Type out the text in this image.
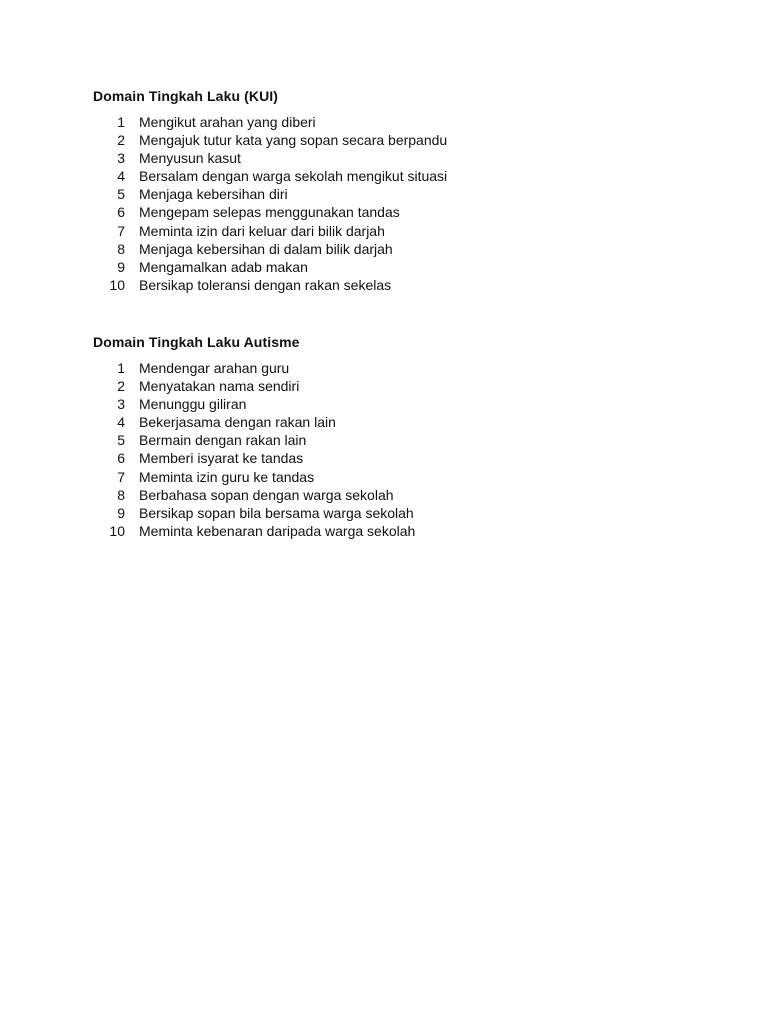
Domain Tingkah Laku (KUI)
1	Mengikut arahan yang diberi
2	Mengajuk tutur kata yang sopan secara berpandu
3	Menyusun kasut
4	Bersalam dengan warga sekolah mengikut situasi
5	Menjaga kebersihan diri
6	Mengepam selepas menggunakan tandas
7	Meminta izin dari keluar dari bilik darjah
8	Menjaga kebersihan di dalam bilik darjah
9	Mengamalkan adab makan
10	Bersikap toleransi dengan rakan sekelas
Domain Tingkah Laku Autisme
1	Mendengar arahan guru
2	Menyatakan nama sendiri
3	Menunggu giliran
4	Bekerjasama dengan rakan lain
5	Bermain dengan rakan lain
6	Memberi isyarat ke tandas
7	Meminta izin guru ke tandas
8	Berbahasa sopan dengan warga sekolah
9	Bersikap sopan bila bersama warga sekolah
10	Meminta kebenaran daripada warga sekolah
